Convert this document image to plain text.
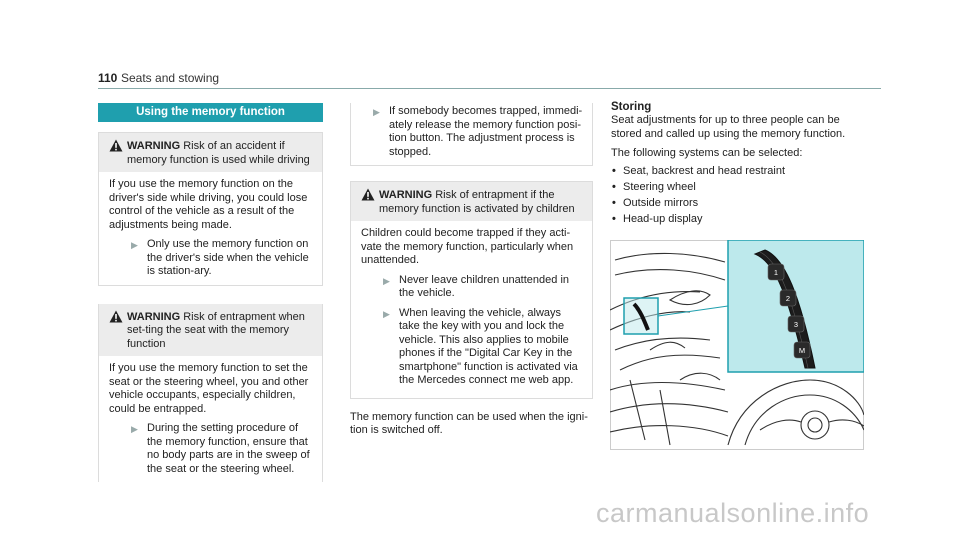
110 Seats and stowing
Using the memory function
WARNING Risk of an accident if memory function is used while driving

If you use the memory function on the driver's side while driving, you could lose control of the vehicle as a result of the adjustments being made.

▶ Only use the memory function on the driver's side when the vehicle is station-ary.
WARNING Risk of entrapment when set-ting the seat with the memory function

If you use the memory function to set the seat or the steering wheel, you and other vehicle occupants, especially children, could be entrapped.

▶ During the setting procedure of the memory function, ensure that no body parts are in the sweep of the seat or the steering wheel.
▶ If somebody becomes trapped, immedi-ately release the memory function posi-tion button. The adjustment process is stopped.
WARNING Risk of entrapment if the memory function is activated by children

Children could become trapped if they acti-vate the memory function, particularly when unattended.

▶ Never leave children unattended in the vehicle.
▶ When leaving the vehicle, always take the key with you and lock the vehicle. This also applies to mobile phones if the "Digital Car Key in the smartphone" function is activated via the Mercedes connect me web app.
The memory function can be used when the igni-tion is switched off.
Storing
Seat adjustments for up to three people can be stored and called up using the memory function.
The following systems can be selected:
• Seat, backrest and head restraint
• Steering wheel
• Outside mirrors
• Head-up display
1
2
3
M
carmanualsonline.info
